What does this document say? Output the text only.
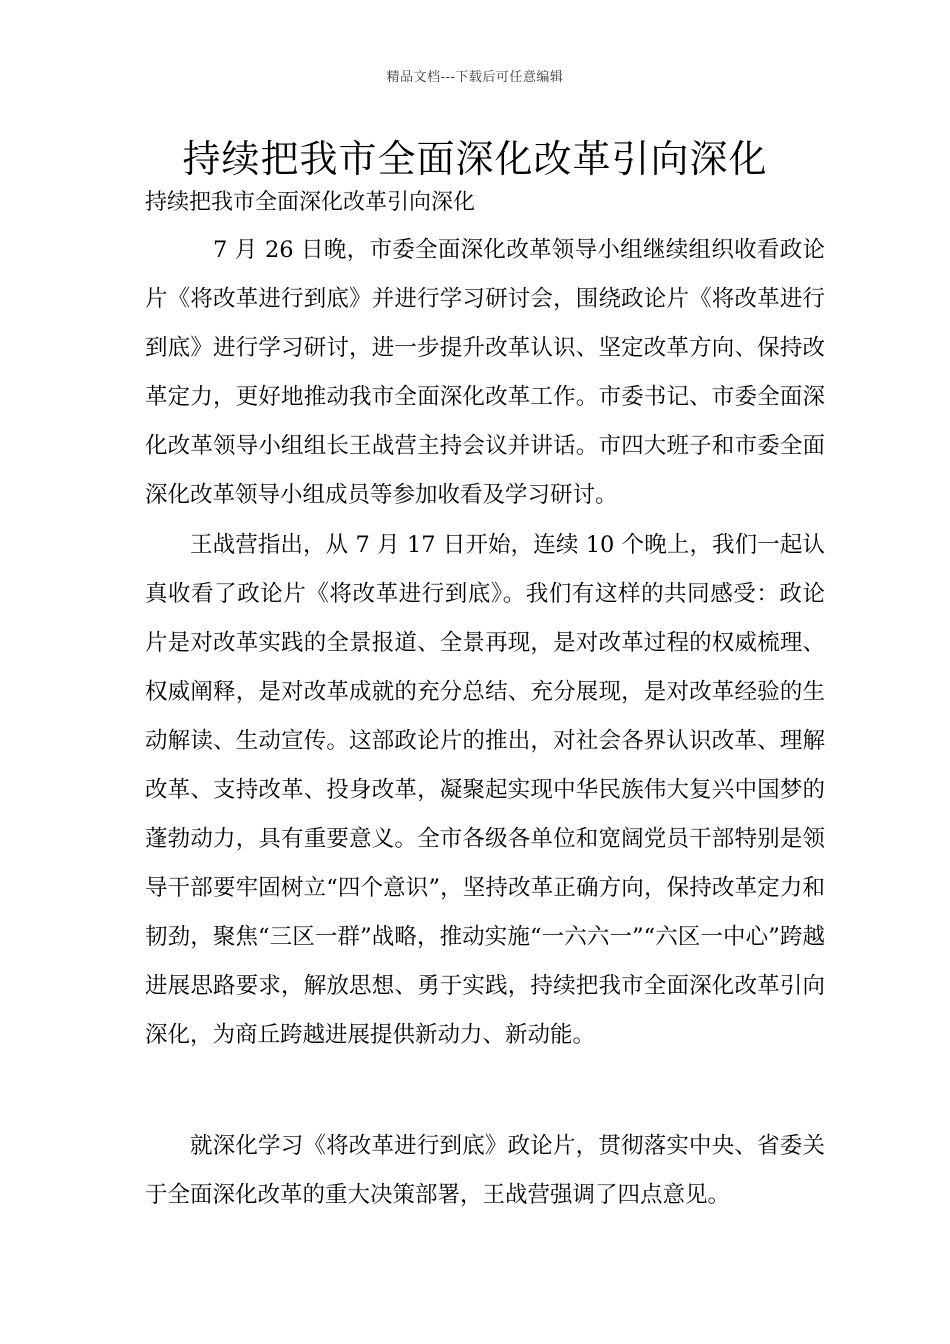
精品文档---下载后可任意编辑
持续把我市全面深化改革引向深化

持续把我市全面深化改革引向深化

7 月 26 日晚，市委全面深化改革领导小组继续组织收看政论片《将改革进行到底》并进行学习研讨会，围绕政论片《将改革进行到底》进行学习研讨，进一步提升改革认识、坚定改革方向、保持改革定力，更好地推动我市全面深化改革工作。市委书记、市委全面深化改革领导小组组长王战营主持会议并讲话。市四大班子和市委全面深化改革领导小组成员等参加收看及学习研讨。

王战营指出，从 7 月 17 日开始，连续 10 个晚上，我们一起认真收看了政论片《将改革进行到底》。我们有这样的共同感受：政论片是对改革实践的全景报道、全景再现，是对改革过程的权威梳理、权威阐释，是对改革成就的充分总结、充分展现，是对改革经验的生动解读、生动宣传。这部政论片的推出，对社会各界认识改革、理解改革、支持改革、投身改革，凝聚起实现中华民族伟大复兴中国梦的蓬勃动力，具有重要意义。全市各级各单位和宽阔党员干部特别是领导干部要牢固树立“四个意识”，坚持改革正确方向，保持改革定力和韧劲，聚焦“三区一群”战略，推动实施“一六六一”“六区一中心”跨越进展思路要求，解放思想、勇于实践，持续把我市全面深化改革引向深化，为商丘跨越进展提供新动力、新动能。

就深化学习《将改革进行到底》政论片，贯彻落实中央、省委关于全面深化改革的重大决策部署，王战营强调了四点意见。
